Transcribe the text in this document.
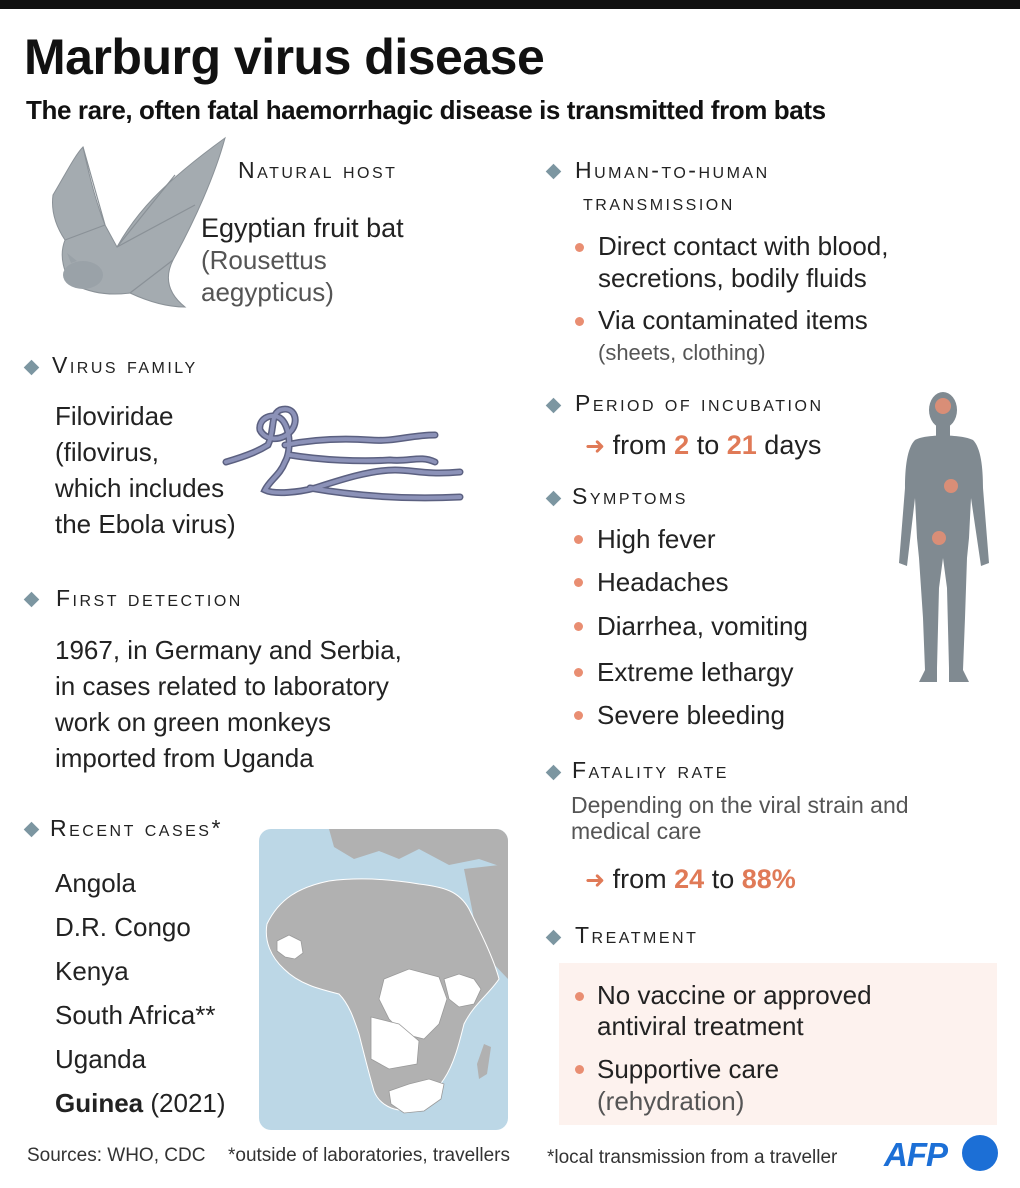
Marburg virus disease
The rare, often fatal haemorrhagic disease is transmitted from bats
Natural host
Egyptian fruit bat
(Rousettus
aegypticus)
Virus family
Filoviridae
(filovirus,
which includes
the Ebola virus)
First detection
1967, in Germany and Serbia,
in cases related to laboratory
work on green monkeys
imported from Uganda
Recent cases*
Angola
D.R. Congo
Kenya
South Africa**
Uganda
Guinea (2021)
Human-to-human
transmission
Direct contact with blood,
secretions, bodily fluids
Via contaminated items
(sheets, clothing)
Period of incubation
➜ from 2 to 21 days
Symptoms
High fever
Headaches
Diarrhea, vomiting
Extreme lethargy
Severe bleeding
Fatality rate
Depending on the viral strain and
medical care
➜ from 24 to 88%
Treatment
No vaccine or approved
antiviral treatment
Supportive care
(rehydration)
Sources: WHO, CDC *outside of laboratories, travellers *local transmission from a traveller AFP
